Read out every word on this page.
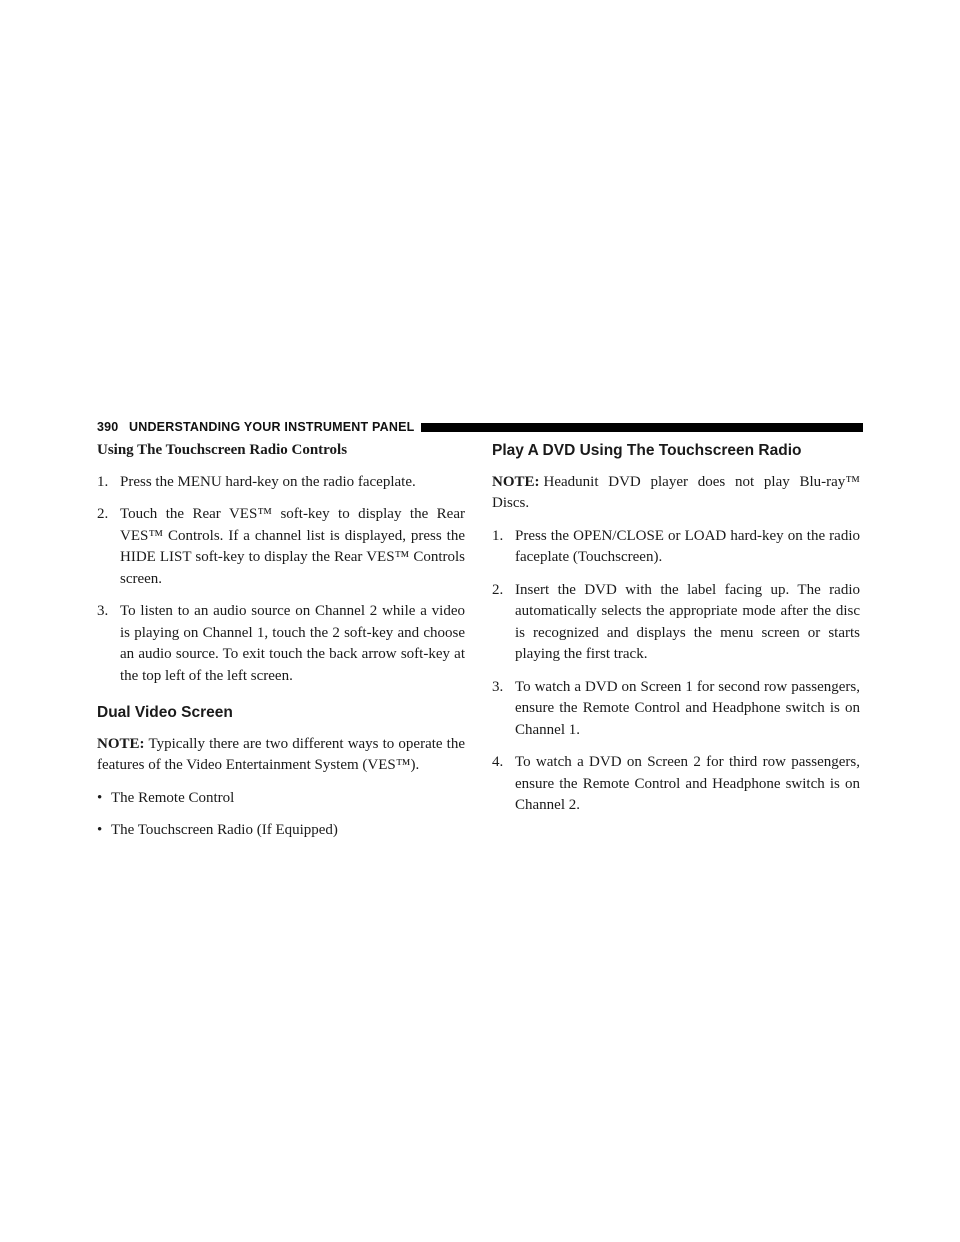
390 UNDERSTANDING YOUR INSTRUMENT PANEL
Using The Touchscreen Radio Controls
1. Press the MENU hard-key on the radio faceplate.
2. Touch the Rear VES™ soft-key to display the Rear VES™ Controls. If a channel list is displayed, press the HIDE LIST soft-key to display the Rear VES™ Controls screen.
3. To listen to an audio source on Channel 2 while a video is playing on Channel 1, touch the 2 soft-key and choose an audio source. To exit touch the back arrow soft-key at the top left of the left screen.
Dual Video Screen
NOTE: Typically there are two different ways to operate the features of the Video Entertainment System (VES™).
• The Remote Control
• The Touchscreen Radio (If Equipped)
Play A DVD Using The Touchscreen Radio
NOTE: Headunit DVD player does not play Blu-ray™ Discs.
1. Press the OPEN/CLOSE or LOAD hard-key on the radio faceplate (Touchscreen).
2. Insert the DVD with the label facing up. The radio automatically selects the appropriate mode after the disc is recognized and displays the menu screen or starts playing the first track.
3. To watch a DVD on Screen 1 for second row passengers, ensure the Remote Control and Headphone switch is on Channel 1.
4. To watch a DVD on Screen 2 for third row passengers, ensure the Remote Control and Headphone switch is on Channel 2.
